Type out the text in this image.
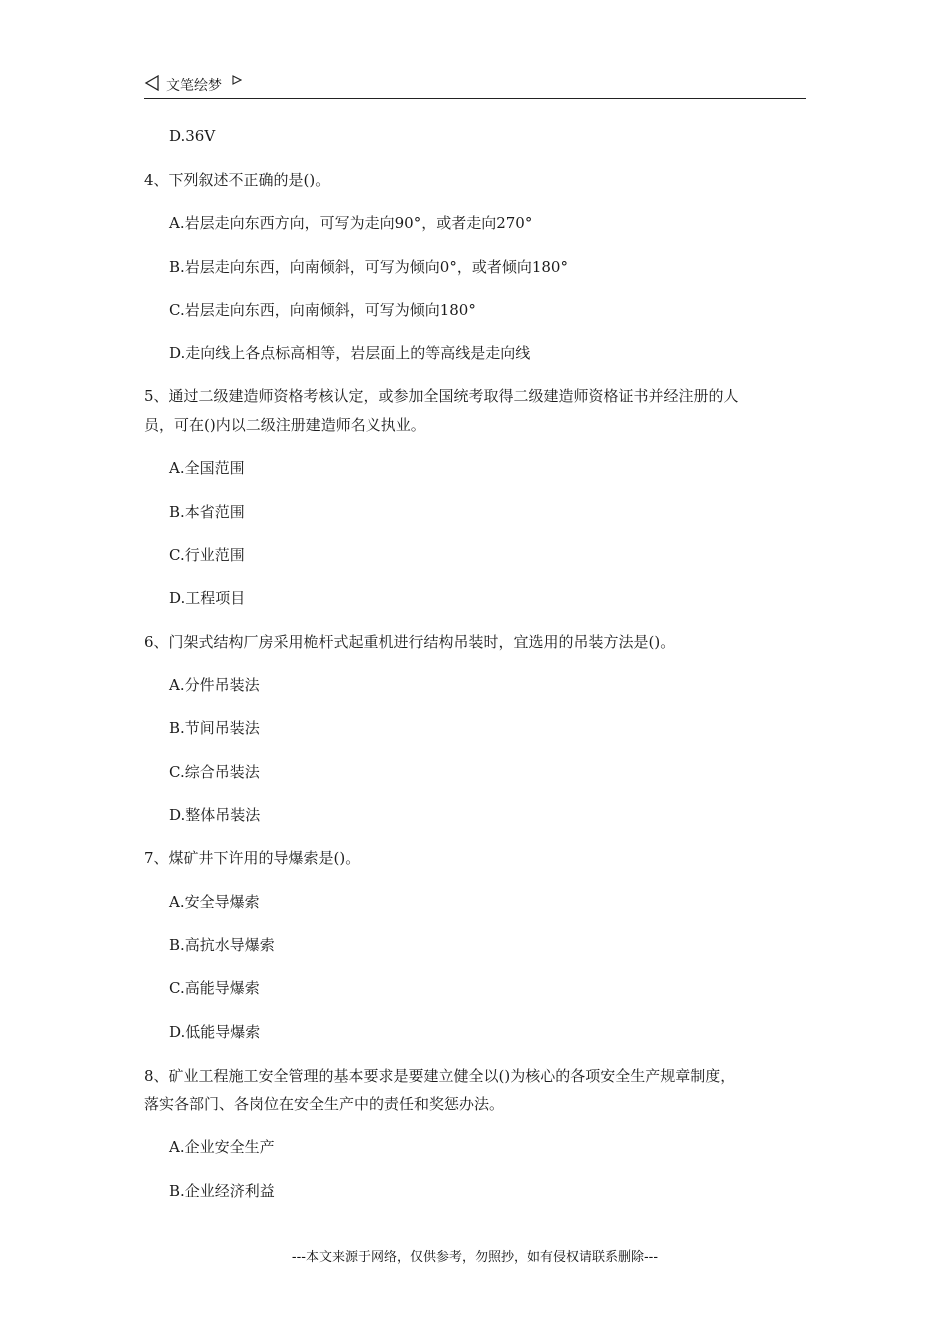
文笔绘梦
D.36V
4、下列叙述不正确的是()。
A.岩层走向东西方向，可写为走向90°，或者走向270°
B.岩层走向东西，向南倾斜，可写为倾向0°，或者倾向180°
C.岩层走向东西，向南倾斜，可写为倾向180°
D.走向线上各点标高相等，岩层面上的等高线是走向线
5、通过二级建造师资格考核认定，或参加全国统考取得二级建造师资格证书并经注册的人
员，可在()内以二级注册建造师名义执业。
A.全国范围
B.本省范围
C.行业范围
D.工程项目
6、门架式结构厂房采用桅杆式起重机进行结构吊装时，宜选用的吊装方法是()。
A.分件吊装法
B.节间吊装法
C.综合吊装法
D.整体吊装法
7、煤矿井下许用的导爆索是()。
A.安全导爆索
B.高抗水导爆索
C.高能导爆索
D.低能导爆索
8、矿业工程施工安全管理的基本要求是要建立健全以()为核心的各项安全生产规章制度，
落实各部门、各岗位在安全生产中的责任和奖惩办法。
A.企业安全生产
B.企业经济利益
---本文来源于网络，仅供参考，勿照抄，如有侵权请联系删除---
